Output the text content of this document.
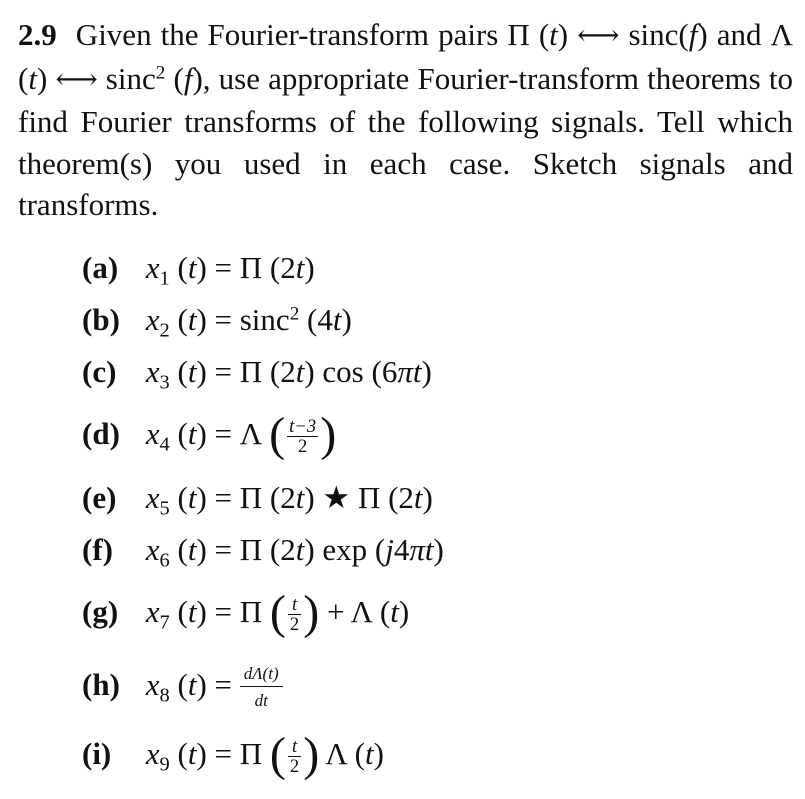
2.9 Given the Fourier-transform pairs Π (t) ⟷ sinc(f) and Λ (t) ⟷ sinc$^2$ (f), use appropriate Fourier-transform theorems to find Fourier transforms of the following signals. Tell which theorem(s) you used in each case. Sketch signals and transforms.
(a) $x_1$ (t) = Π (2t)
(b) $x_2$ (t) = sinc$^2$ (4t)
(c) $x_3$ (t) = Π (2t) cos (6πt)
(d) $x_4$ (t) = Λ ( $\frac{t-3}{2}$ )
(e) $x_5$ (t) = Π (2t) ★ Π (2t)
(f) $x_6$ (t) = Π (2t) exp (j4πt)
(g) $x_7$ (t) = Π ( $\frac{t}{2}$ ) + Λ (t)
(h) $x_8$ $(t) = \frac{d\Lambda(t)}{dt}$
(i) $x_9$ (t) = Π ( $\frac{t}{2}$ ) Λ (t)
